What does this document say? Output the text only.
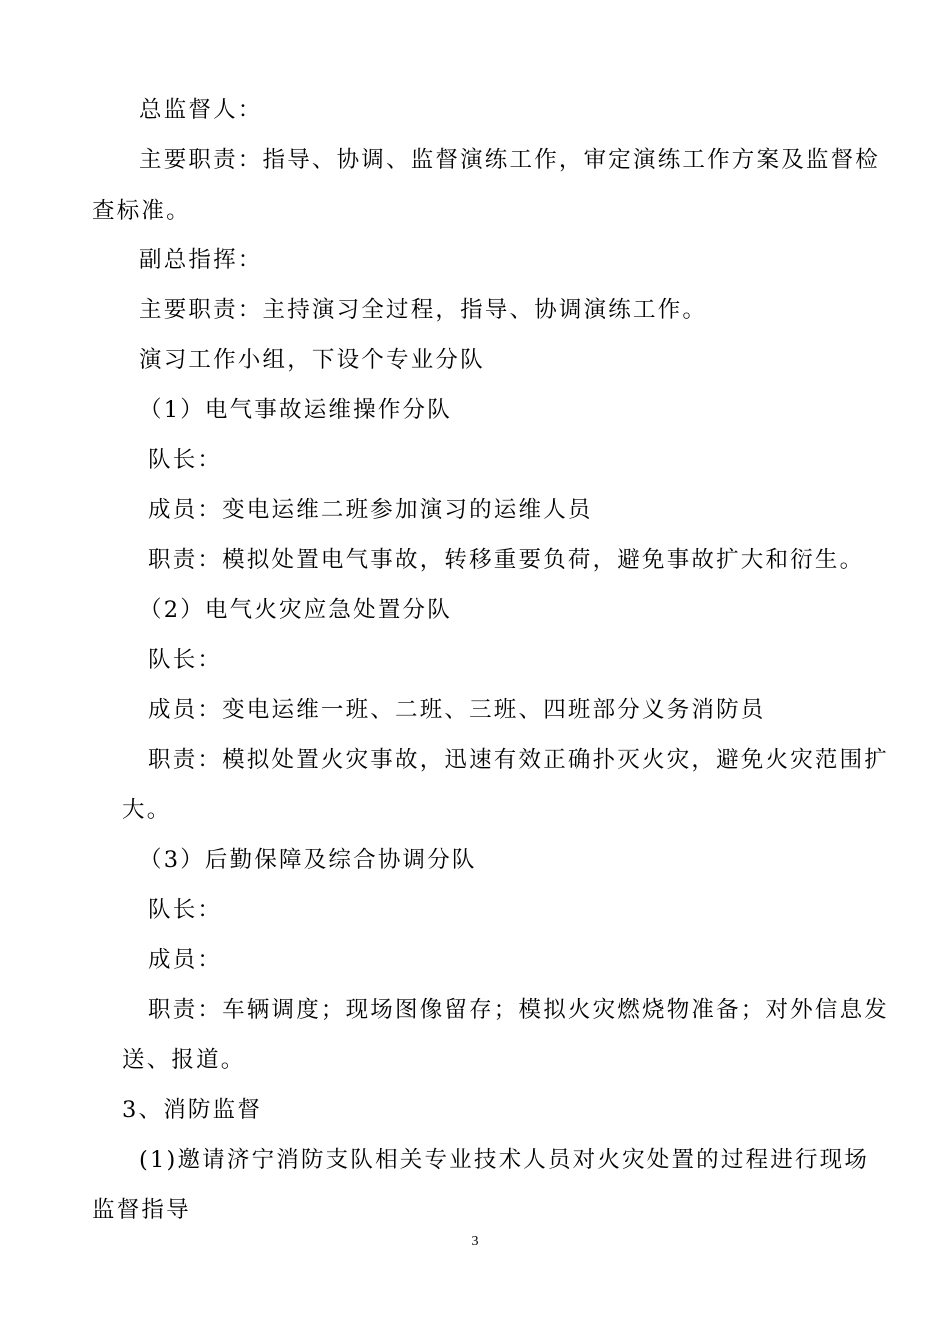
总监督人：
主要职责：指导、协调、监督演练工作，审定演练工作方案及监督检
查标准。
副总指挥：
主要职责：主持演习全过程，指导、协调演练工作。
演习工作小组，下设个专业分队
（1）电气事故运维操作分队
队长：
成员：变电运维二班参加演习的运维人员
职责：模拟处置电气事故，转移重要负荷，避免事故扩大和衍生。
（2）电气火灾应急处置分队
队长：
成员：变电运维一班、二班、三班、四班部分义务消防员
职责：模拟处置火灾事故，迅速有效正确扑灭火灾，避免火灾范围扩
大。
（3）后勤保障及综合协调分队
队长：
成员：
职责：车辆调度；现场图像留存；模拟火灾燃烧物准备；对外信息发
送、报道。
3、消防监督
(1)邀请济宁消防支队相关专业技术人员对火灾处置的过程进行现场
监督指导
3
